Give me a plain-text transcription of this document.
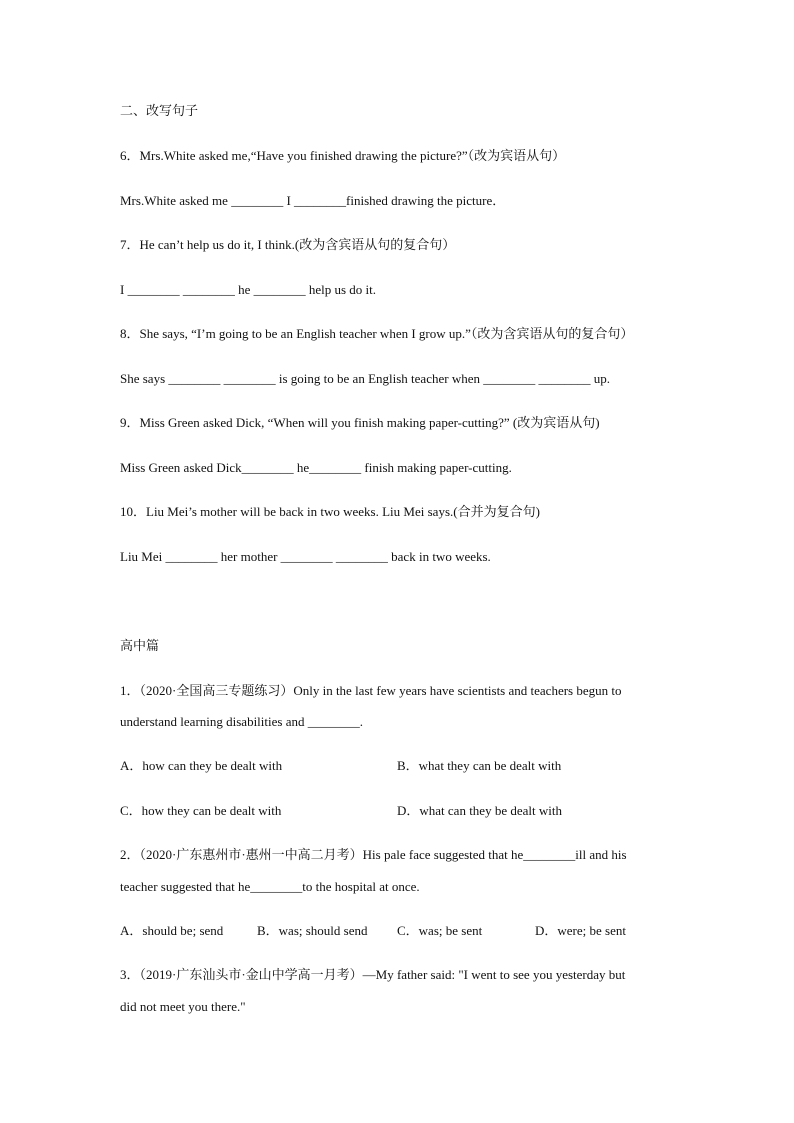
二、改写句子
6．Mrs.White asked me,“Have you finished drawing the picture?”（改为宾语从句）
Mrs.White asked me ________ I ________finished drawing the picture．
7．He can’t help us do it, I think.(改为含宾语从句的复合句）
I ________ ________ he ________ help us do it.
8．She says, “I’m going to be an English teacher when I grow up.”（改为含宾语从句的复合句）
She says ________ ________ is going to be an English teacher when ________ ________ up.
9．Miss Green asked Dick, “When will you finish making paper-cutting?” (改为宾语从句)
Miss Green asked Dick________ he________ finish making paper-cutting.
10．Liu Mei’s mother will be back in two weeks. Liu Mei says.(合并为复合句)
Liu Mei ________ her mother ________ ________ back in two weeks.
高中篇
1．（2020·全国高三专题练习）Only in the last few years have scientists and teachers begun to
understand learning disabilities and ________.
A．how can they be dealt with	B．what they can be dealt with
C．how they can be dealt with	D．what can they be dealt with
2．（2020·广东惠州市·惠州一中高二月考）His pale face suggested that he________ill and his
teacher suggested that he________to the hospital at once.
A．should be; send	B．was; should send C．was; be sent	D．were; be sent
3．（2019·广东汕头市·金山中学高一月考）—My father said: "I went to see you yesterday but
did not meet you there."
